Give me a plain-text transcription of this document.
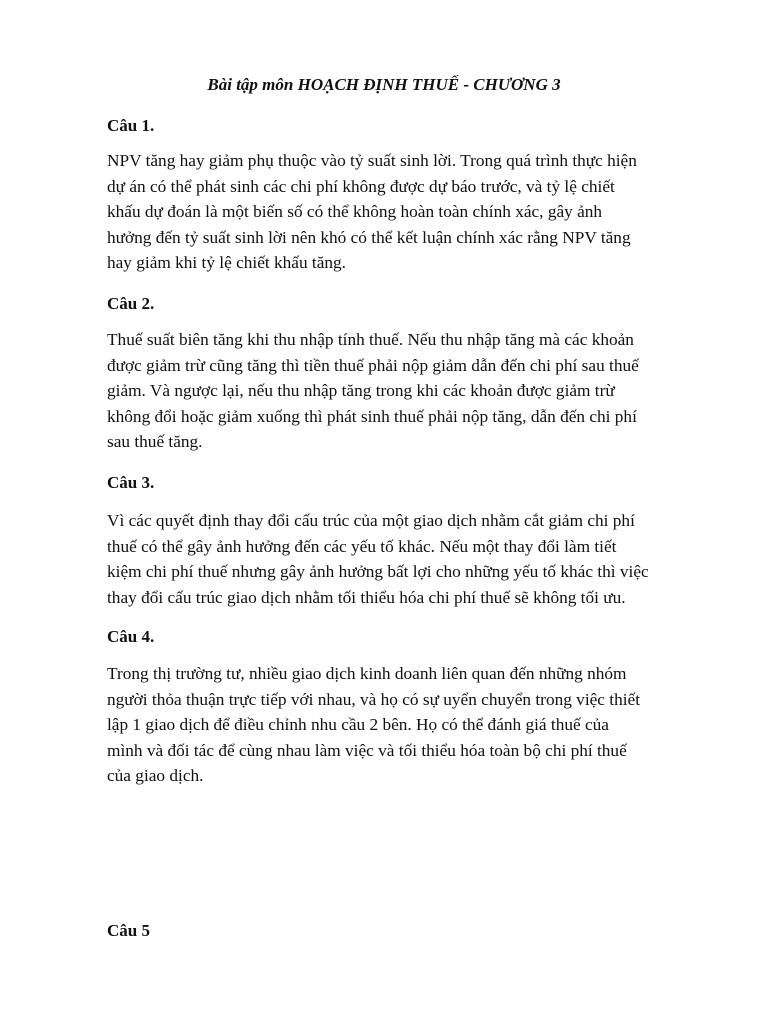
Bài tập môn HOẠCH ĐỊNH THUẾ - CHƯƠNG 3
Câu 1.
NPV tăng hay giảm phụ thuộc vào tỷ suất sinh lời. Trong quá trình thực hiện
dự án có thể phát sinh các chi phí không được dự báo trước, và tỷ lệ chiết
khấu dự đoán là một biến số có thể không hoàn toàn chính xác, gây ảnh
hưởng đến tỷ suất sinh lời nên khó có thể kết luận chính xác rằng NPV tăng
hay giảm khi tỷ lệ chiết khấu tăng.
Câu 2.
Thuế suất biên tăng khi thu nhập tính thuế. Nếu thu nhập tăng mà các khoản
được giảm trừ cũng tăng thì tiền thuế phải nộp giảm dẫn đến chi phí sau thuế
giảm. Và ngược lại, nếu thu nhập tăng trong khi các khoản được giảm trừ
không đổi hoặc giảm xuống thì phát sinh thuế phải nộp tăng, dẫn đến chi phí
sau thuế tăng.
Câu 3.
Vì các quyết định thay đổi cấu trúc của một giao dịch nhằm cắt giảm chi phí
thuế có thể gây ảnh hưởng đến các yếu tố khác. Nếu một thay đổi làm tiết
kiệm chi phí thuế nhưng gây ảnh hưởng bất lợi cho những yếu tố khác thì việc
thay đổi cấu trúc giao dịch nhằm tối thiểu hóa chi phí thuế sẽ không tối ưu.
Câu 4.
Trong thị trường tư, nhiều giao dịch kinh doanh liên quan đến những nhóm
người thỏa thuận trực tiếp với nhau, và họ có sự uyển chuyển trong việc thiết
lập 1 giao dịch để điều chỉnh nhu cầu 2 bên. Họ có thể đánh giá thuế của
mình và đối tác để cùng nhau làm việc và tối thiểu hóa toàn bộ chi phí thuế
của giao dịch.
Câu 5
